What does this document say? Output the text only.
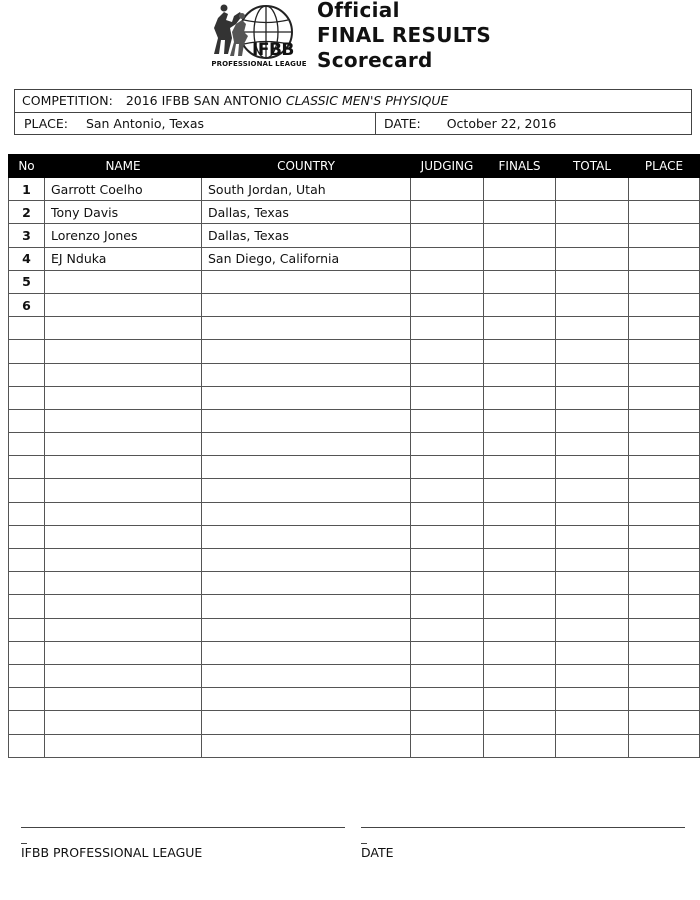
IFBB
PROFESSIONAL LEAGUE
Official
FINAL RESULTS
Scorecard
COMPETITION: 2016 IFBB SAN ANTONIO CLASSIC MEN'S PHYSIQUE
PLACE: San Antonio, Texas	DATE: October 22, 2016
No	NAME	COUNTRY	JUDGING	FINALS	TOTAL	PLACE
1	Garrott Coelho	South Jordan, Utah				
2	Tony Davis	Dallas, Texas				
3	Lorenzo Jones	Dallas, Texas				
4	EJ Nduka	San Diego, California				
5						
6						

IFBB PROFESSIONAL LEAGUE	DATE
